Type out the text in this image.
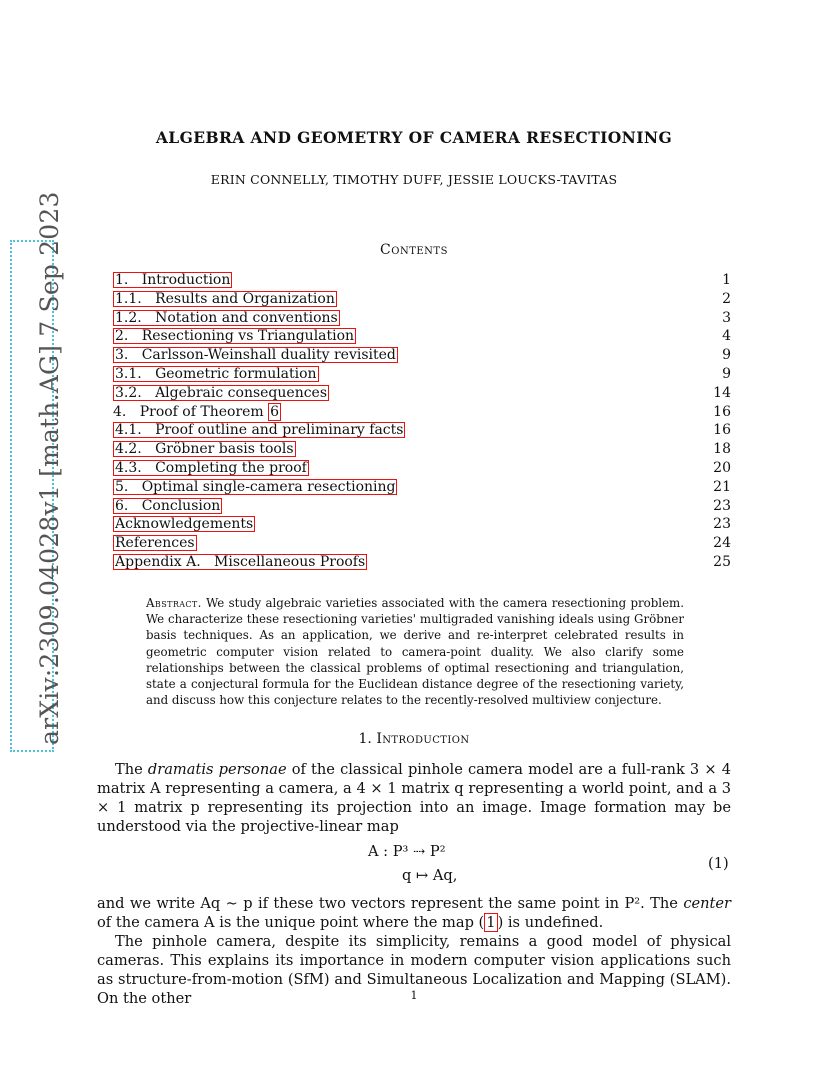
arXiv:2309.04028v1 [math.AG] 7 Sep 2023
ALGEBRA AND GEOMETRY OF CAMERA RESECTIONING
ERIN CONNELLY, TIMOTHY DUFF, JESSIE LOUCKS-TAVITAS
Contents
1.   Introduction	1
1.1.   Results and Organization	2
1.2.   Notation and conventions	3
2.   Resectioning vs Triangulation	4
3.   Carlsson-Weinshall duality revisited	9
3.1.   Geometric formulation	9
3.2.   Algebraic consequences	14
4.   Proof of Theorem 6	16
4.1.   Proof outline and preliminary facts	16
4.2.   Gröbner basis tools	18
4.3.   Completing the proof	20
5.   Optimal single-camera resectioning	21
6.   Conclusion	23
Acknowledgements	23
References	24
Appendix A.   Miscellaneous Proofs	25
Abstract. We study algebraic varieties associated with the camera resectioning problem. We characterize these resectioning varieties' multigraded vanishing ideals using Gröbner basis techniques. As an application, we derive and re-interpret celebrated results in geometric computer vision related to camera-point duality. We also clarify some relationships between the classical problems of optimal resectioning and triangulation, state a conjectural formula for the Euclidean distance degree of the resectioning variety, and discuss how this conjecture relates to the recently-resolved multiview conjecture.
1. Introduction
The dramatis personae of the classical pinhole camera model are a full-rank 3 × 4 matrix A representing a camera, a 4 × 1 matrix q representing a world point, and a 3 × 1 matrix p representing its projection into an image. Image formation may be understood via the projective-linear map
A : P³ ⇢ P²
q ↦ Aq,
(1)
and we write Aq ∼ p if these two vectors represent the same point in P². The center of the camera A is the unique point where the map ( 1 ) is undefined.
The pinhole camera, despite its simplicity, remains a good model of physical cameras. This explains its importance in modern computer vision applications such as structure-from-motion (SfM) and Simultaneous Localization and Mapping (SLAM). On the other	1
